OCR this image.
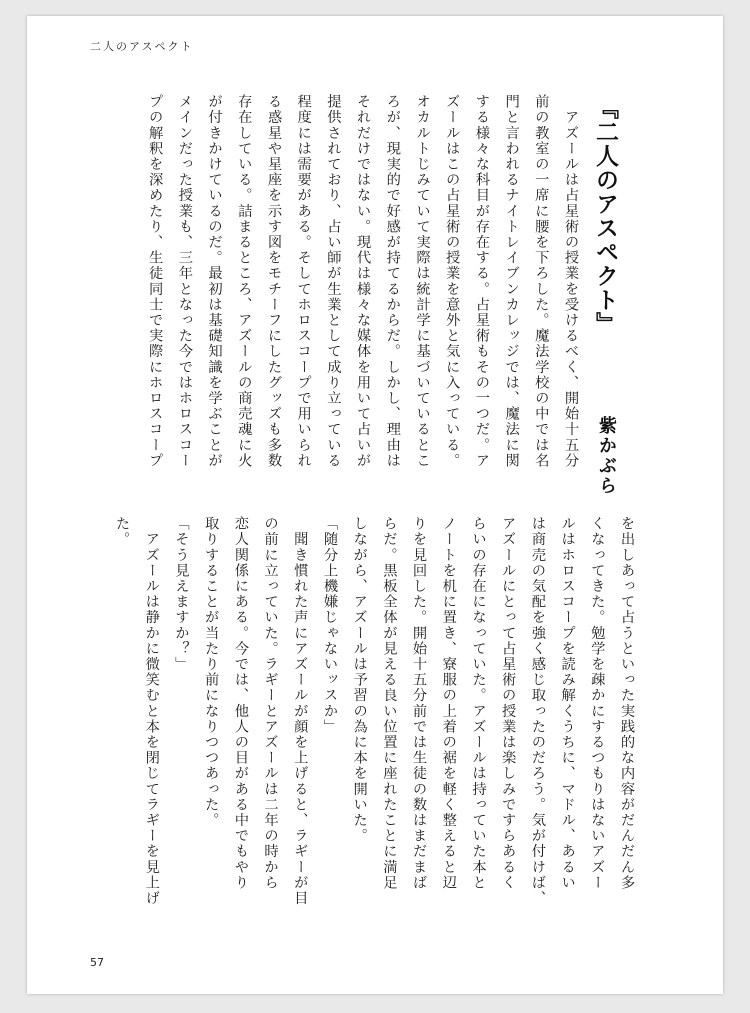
二人のアスペクト
『二人のアスペクト』
紫かぶら
　アズールは占星術の授業を受けるべく、開始十五分
前の教室の一席に腰を下ろした。魔法学校の中では名
門と言われるナイトレイブンカレッジでは、魔法に関
する様々な科目が存在する。占星術もその一つだ。ア
ズールはこの占星術の授業を意外と気に入っている。
オカルトじみていて実際は統計学に基づいているとこ
ろが、現実的で好感が持てるからだ。しかし、理由は
それだけではない。現代は様々な媒体を用いて占いが
提供されており、占い師が生業として成り立っている
程度には需要がある。そしてホロスコープで用いられ
る惑星や星座を示す図をモチーフにしたグッズも多数
存在している。詰まるところ、アズールの商売魂に火
が付きかけているのだ。最初は基礎知識を学ぶことが
メインだった授業も、三年となった今ではホロスコー
プの解釈を深めたり、生徒同士で実際にホロスコープ
を出しあって占うといった実践的な内容がだんだん多
くなってきた。勉学を疎かにするつもりはないアズー
ルはホロスコープを読み解くうちに、マドル、あるい
は商売の気配を強く感じ取ったのだろう。気が付けば、
アズールにとって占星術の授業は楽しみですらあるく
らいの存在になっていた。アズールは持っていた本と
ノートを机に置き、寮服の上着の裾を軽く整えると辺
りを見回した。開始十五分前では生徒の数はまだまば
らだ。黒板全体が見える良い位置に座れたことに満足
しながら、アズールは予習の為に本を開いた。
「随分上機嫌じゃないッスか」
　聞き慣れた声にアズールが顔を上げると、ラギーが目
の前に立っていた。ラギーとアズールは二年の時から
恋人関係にある。今では、他人の目がある中でもやり
取りすることが当たり前になりつつあった。
「そう見えますか？」
　アズールは静かに微笑むと本を閉じてラギーを見上げ
た。
57
